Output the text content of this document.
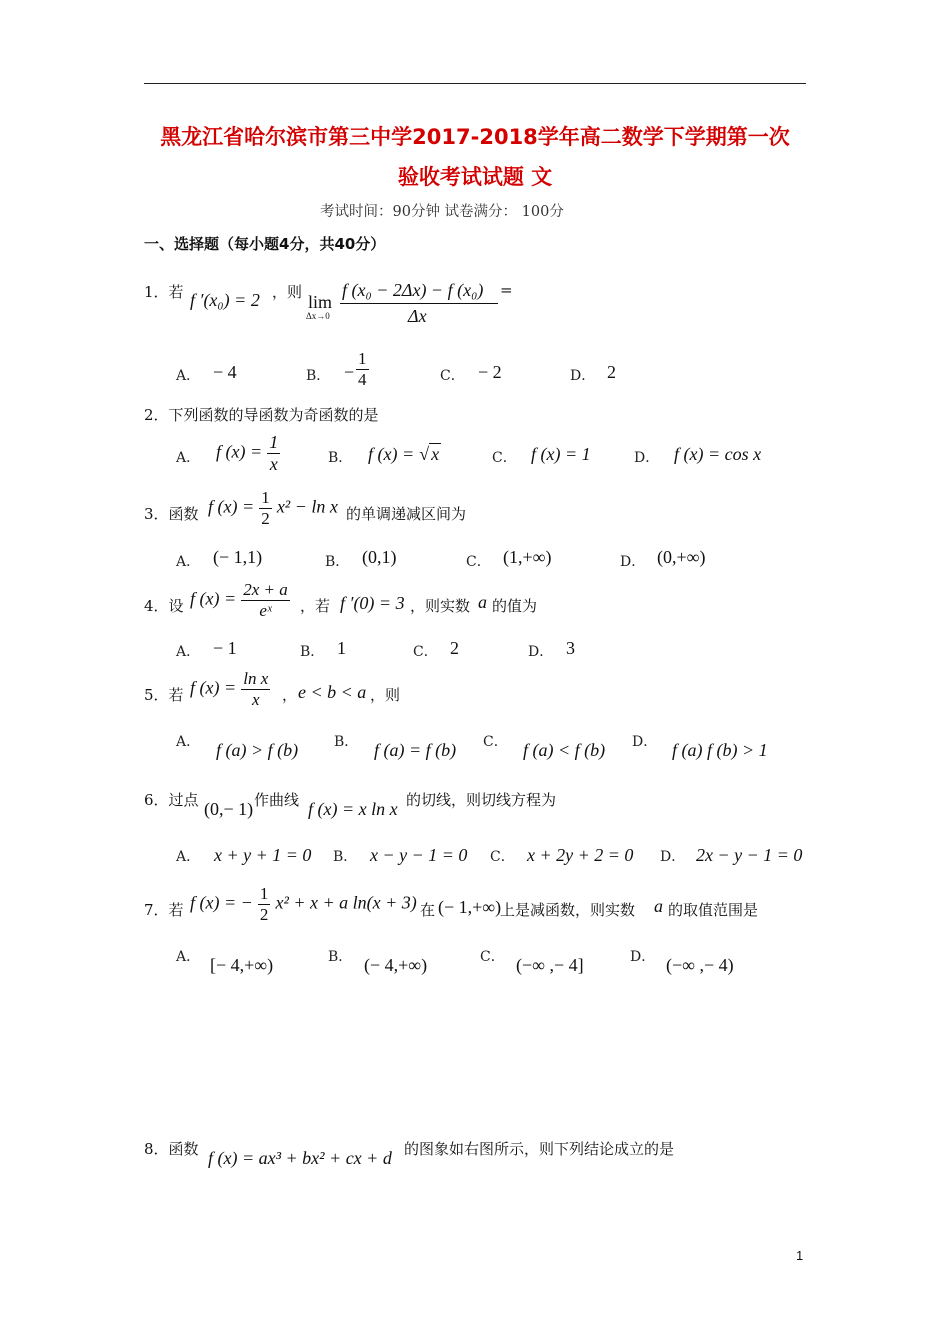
黑龙江省哈尔滨市第三中学2017-2018学年高二数学下学期第一次
验收考试试题 文
考试时间：90分钟 试卷满分： 100分
一、选择题（每小题4分，共40分）
1．若 f ′(x₀) = 2 ，则 lim
Δx→0
f (x₀ − 2Δx) − f (x₀)
Δx
=
A． − 4	B． − $\frac{1}{4}$	C． − 2	D． 2
2．下列函数的导函数为奇函数的是
A． f $(x) = \frac{1}{x}$	B． f (x) = √ x	C． f (x) = 1	D． f (x) = cos x
3．函数 f $(x) = \frac{1}{2} x^2 - \ln x$ 的单调递减区间为
A． (− 1,1)	B． (0,1)	C． (1,+∞)	D． (0,+∞)
4．设 f $(x) = \frac{2x + a}{\text{eˣ}}$ ，若 f ′(0) = 3 ，则实数 a 的值为
A． − 1	B． 1	C． 2	D． 3
5．若 f $(x) = \frac{\text{ln x}}{x}$ ， e < b < a ，则
A． f (a) > f (b)	B． f (a) = f (b) C． f (a) < f (b) D． f (a) f (b) > 1
6．过点 (0,− 1) 作曲线 f (x) = x ln x 的切线，则切线方程为
A． x + y + 1 = 0 B． x − y − 1 = 0 C． x + 2y + 2 = 0 D． 2x − y − 1 = 0
7．若 f (x) = − $\frac{1}{2} x^2 + x + a$ ln(x + 3) 在 (− 1,+∞)
上是减函数，则实数 a 的取值范围是
A． [− 4,+∞)	B． (− 4,+∞)	C． (−∞ ,− 4]	D． (−∞ ,− 4)
8．函数 f (x) = ax³ + bx² + cx + d 的图象如右图所示，则下列结论成立的是
1
